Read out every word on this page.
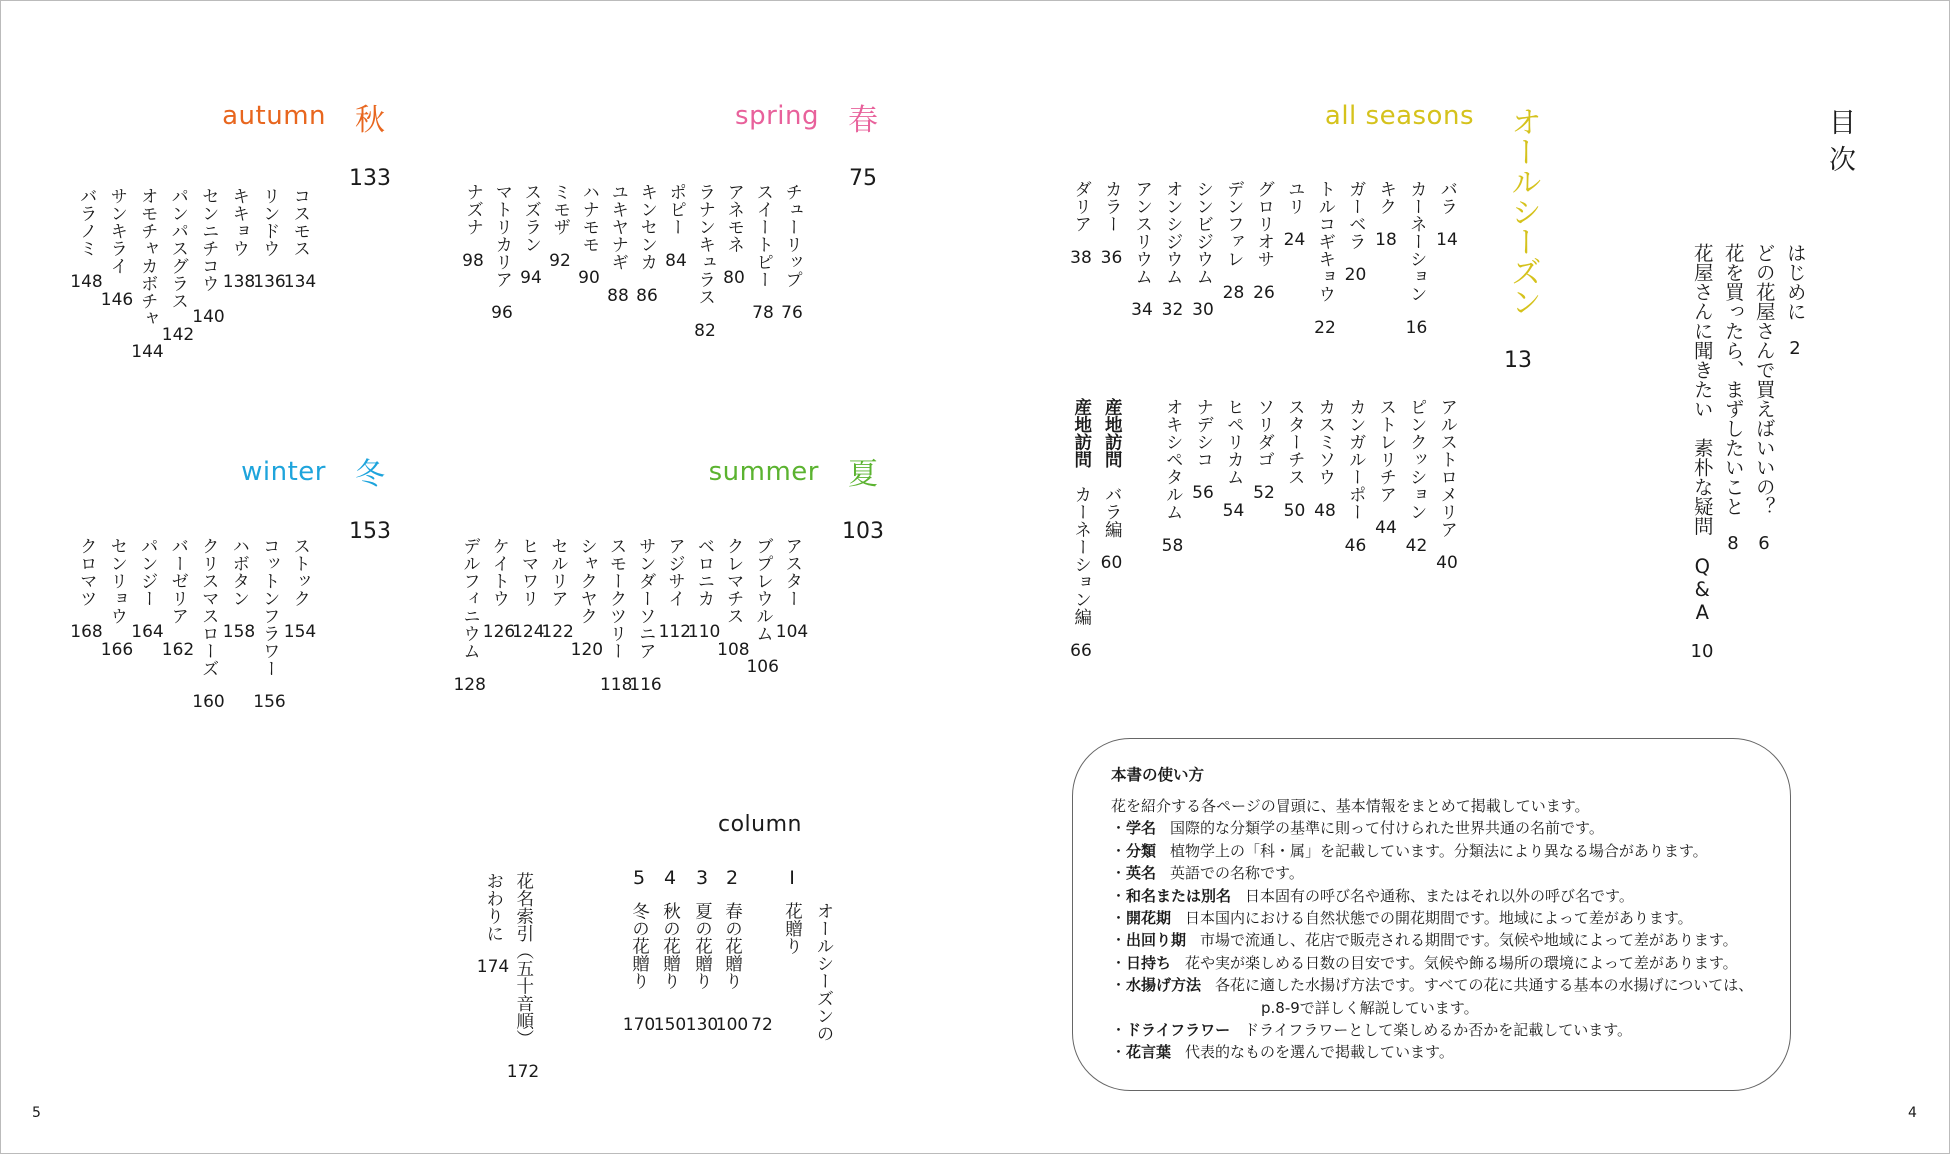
はじめに
2
どの花屋さんで買えばいいの？
6
花を買ったら、まずしたいこと
8
花屋さんに聞きたい　素朴な疑問　Q&A
10
all seasons オールシーズン
13
バラ
14
カーネーション
16
キク
18
ガーベラ
20
トルコギキョウ
22
ユリ
24
グロリオサ
26
デンファレ
28
シンビジウム
30
オンシジウム
32
アンスリウム
34
カラー
36
ダリア
38
アルストロメリア
40
ピンクッション
42
ストレリチア
44
カンガルーポー
46
カスミソウ
48
スターチス
50
ソリダゴ
52
ヒペリカム
54
ナデシコ
56
オキシペタルム
58
産地訪問バラ編
60
産地訪問カーネーション編
66
spring 春
75
チューリップ
76
スイートピー
78
アネモネ
80
ラナンキュラス
82
ポピー
84
キンセンカ
86
ユキヤナギ
88
ハナモモ
90
ミモザ
92
スズラン
94
マトリカリア
96
ナズナ
98
summer 夏
103
アスター
104
ブプレウルム
106
クレマチス
108
ベロニカ
110
アジサイ
112
サンダーソニア
116
スモークツリー
118
シャクヤク
120
セルリア
122
ヒマワリ
124
ケイトウ
126
デルフィニウム
128
autumn 秋
133
コスモス
134
リンドウ
136
キキョウ
138
センニチコウ
140
パンパスグラス
142
オモチャカボチャ
144
サンキライ
146
バラノミ
148
winter 冬
153
ストック
154
コットンフラワー
156
ハボタン
158
クリスマスローズ
160
バーゼリア
162
パンジー
164
センリョウ
166
クロマツ
168
column
I
オールシーズンの花贈り
72
2
春の花贈り
100
3
夏の花贈り
130
4
秋の花贈り
150
5
冬の花贈り
170
花名索引（五十音順）
172
おわりに
174
目次
本書の使い方
花を紹介する各ページの冒頭に、基本情報をまとめて掲載しています。
・学名 国際的な分類学の基準に則って付けられた世界共通の名前です。
・分類 植物学上の「科・属」を記載しています。分類法により異なる場合があります。
・英名 英語での名称です。
・和名または別名 日本固有の呼び名や通称、またはそれ以外の呼び名です。
・開花期 日本国内における自然状態での開花期間です。地域によって差があります。
・出回り期 市場で流通し、花店で販売される期間です。気候や地域によって差があります。
・日持ち 花や実が楽しめる日数の目安です。気候や飾る場所の環境によって差があります。
・水揚げ方法 各花に適した水揚げ方法です。すべての花に共通する基本の水揚げについては、
p.8-9で詳しく解説しています。
・ドライフラワー ドライフラワーとして楽しめるか否かを記載しています。
・花言葉 代表的なものを選んで掲載しています。
5	4
